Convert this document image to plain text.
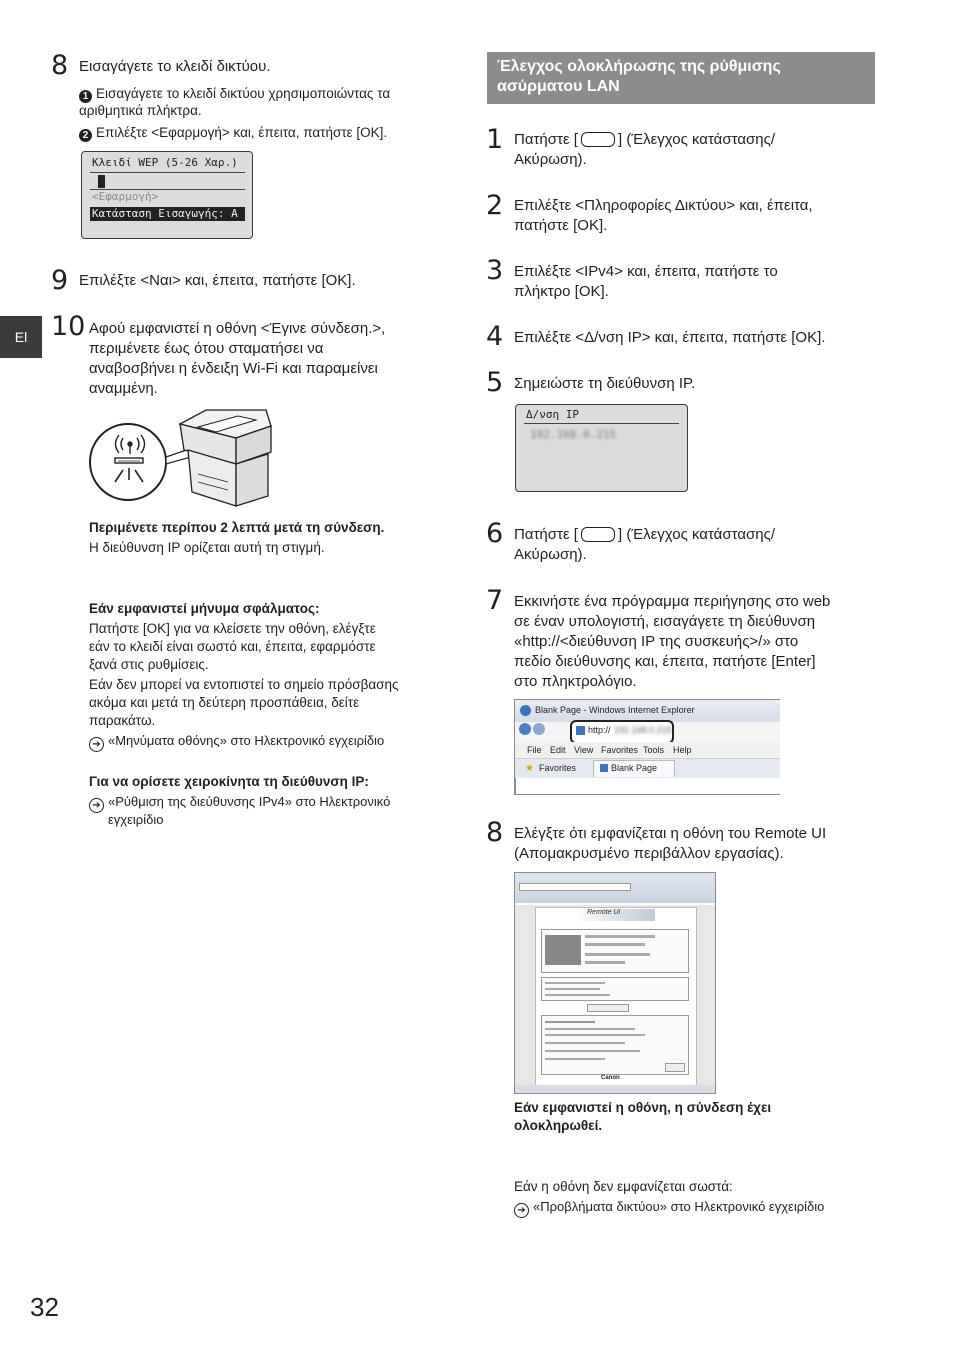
El
8 Εισαγάγετε το κλειδί δικτύου.
1 Εισαγάγετε το κλειδί δικτύου χρησιμοποιώντας τα
αριθμητικά πλήκτρα.
2 Επιλέξτε <Εφαρμογή> και, έπειτα, πατήστε [OK].
Κλειδί WEP (5-26 Χαρ.)
<Εφαρμογή>
Κατάσταση Εισαγωγής: A
9 Επιλέξτε <Ναι> και, έπειτα, πατήστε [OK].
10 Αφού εμφανιστεί η οθόνη <Έγινε σύνδεση.>,
περιμένετε έως ότου σταματήσει να
αναβοσβήνει η ένδειξη Wi-Fi και παραμείνει
αναμμένη.
Περιμένετε περίπου 2 λεπτά μετά τη σύνδεση.
Η διεύθυνση IP ορίζεται αυτή τη στιγμή.
Εάν εμφανιστεί μήνυμα σφάλματος:
Πατήστε [OK] για να κλείσετε την οθόνη, ελέγξτε
εάν το κλειδί είναι σωστό και, έπειτα, εφαρμόστε
ξανά στις ρυθμίσεις.
Εάν δεν μπορεί να εντοπιστεί το σημείο πρόσβασης
ακόμα και μετά τη δεύτερη προσπάθεια, δείτε
παρακάτω.
➔ «Μηνύματα οθόνης» στο Ηλεκτρονικό εγχειρίδιο
Για να ορίσετε χειροκίνητα τη διεύθυνση IP:
➔ «Ρύθμιση της διεύθυνσης IPv4» στο Ηλεκτρονικό
εγχειρίδιο
32
Έλεγχος ολοκλήρωσης της ρύθμισης
ασύρματου LAN
1 Πατήστε [	] (Έλεγχος κατάστασης/
Ακύρωση).
2 Επιλέξτε <Πληροφορίες Δικτύου> και, έπειτα,
πατήστε [OK].
3 Επιλέξτε <IPv4> και, έπειτα, πατήστε το
πλήκτρο [OK].
4 Επιλέξτε <Δ/νση IP> και, έπειτα, πατήστε [OK].
5 Σημειώστε τη διεύθυνση IP.
Δ/νση IP
192.168.0.215
6 Πατήστε [	] (Έλεγχος κατάστασης/
Ακύρωση).
7 Εκκινήστε ένα πρόγραμμα περιήγησης στο web
σε έναν υπολογιστή, εισαγάγετε τη διεύθυνση
«http://<διεύθυνση IP της συσκευής>/» στο
πεδίο διεύθυνσης και, έπειτα, πατήστε [Enter]
στο πληκτρολόγιο.
Blank Page - Windows Internet Explorer
http:// 192.168.0.215
File Edit View Favorites Tools Help
★ Favorites	Blank Page
8 Ελέγξτε ότι εμφανίζεται η οθόνη του Remote UI
(Απομακρυσμένο περιβάλλον εργασίας).
Remote UI
Canon
Εάν εμφανιστεί η οθόνη, η σύνδεση έχει
ολοκληρωθεί.
Εάν η οθόνη δεν εμφανίζεται σωστά:
➔ «Προβλήματα δικτύου» στο Ηλεκτρονικό εγχειρίδιο
